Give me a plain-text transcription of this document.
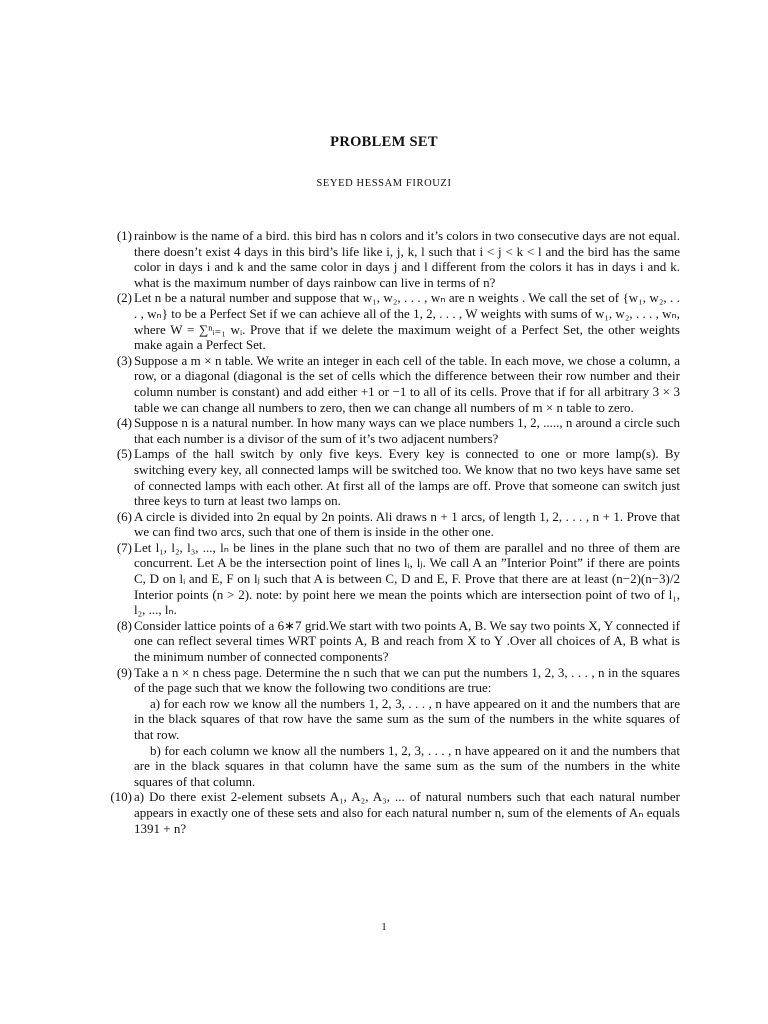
PROBLEM SET
SEYED HESSAM FIROUZI
(1) rainbow is the name of a bird. this bird has n colors and it’s colors in two consecutive days are not equal. there doesn’t exist 4 days in this bird’s life like i, j, k, l such that i < j < k < l and the bird has the same color in days i and k and the same color in days j and l different from the colors it has in days i and k. what is the maximum number of days rainbow can live in terms of n?

(2) Let n be a natural number and suppose that w₁, w₂, . . . , wₙ are n weights . We call the set of {w₁, w₂, . . . , wₙ} to be a Perfect Set if we can achieve all of the 1, 2, . . . , W weights with sums of w₁, w₂, . . . , wₙ, where W = ∑ⁿᵢ₌₁ wᵢ. Prove that if we delete the maximum weight of a Perfect Set, the other weights make again a Perfect Set.

(3) Suppose a m × n table. We write an integer in each cell of the table. In each move, we chose a column, a row, or a diagonal (diagonal is the set of cells which the difference between their row number and their column number is constant) and add either +1 or −1 to all of its cells. Prove that if for all arbitrary 3 × 3 table we can change all numbers to zero, then we can change all numbers of m × n table to zero.

(4) Suppose n is a natural number. In how many ways can we place numbers 1, 2, ....., n around a circle such that each number is a divisor of the sum of it’s two adjacent numbers?

(5) Lamps of the hall switch by only five keys. Every key is connected to one or more lamp(s). By switching every key, all connected lamps will be switched too. We know that no two keys have same set of connected lamps with each other. At first all of the lamps are off. Prove that someone can switch just three keys to turn at least two lamps on.

(6) A circle is divided into 2n equal by 2n points. Ali draws n + 1 arcs, of length 1, 2, . . . , n + 1. Prove that we can find two arcs, such that one of them is inside in the other one.

(7) Let l₁, l₂, l₃, ..., lₙ be lines in the plane such that no two of them are parallel and no three of them are concurrent. Let A be the intersection point of lines lᵢ, lⱼ. We call A an ”Interior Point” if there are points C, D on lᵢ and E, F on lⱼ such that A is between C, D and E, F. Prove that there are at least (n−2)(n−3)/2 Interior points (n > 2). note: by point here we mean the points which are intersection point of two of l₁, l₂, ..., lₙ.

(8) Consider lattice points of a 6∗7 grid.We start with two points A, B. We say two points X, Y connected if one can reflect several times WRT points A, B and reach from X to Y .Over all choices of A, B what is the minimum number of connected components?

(9) Take a n × n chess page. Determine the n such that we can put the numbers 1, 2, 3, . . . , n in the squares of the page such that we know the following two conditions are true:

a) for each row we know all the numbers 1, 2, 3, . . . , n have appeared on it and the numbers that are in the black squares of that row have the same sum as the sum of the numbers in the white squares of that row.

b) for each column we know all the numbers 1, 2, 3, . . . , n have appeared on it and the numbers that are in the black squares in that column have the same sum as the sum of the numbers in the white squares of that column.

(10) a) Do there exist 2-element subsets A₁, A₂, A₃, ... of natural numbers such that each natural number appears in exactly one of these sets and also for each natural number n, sum of the elements of Aₙ equals 1391 + n?

1
